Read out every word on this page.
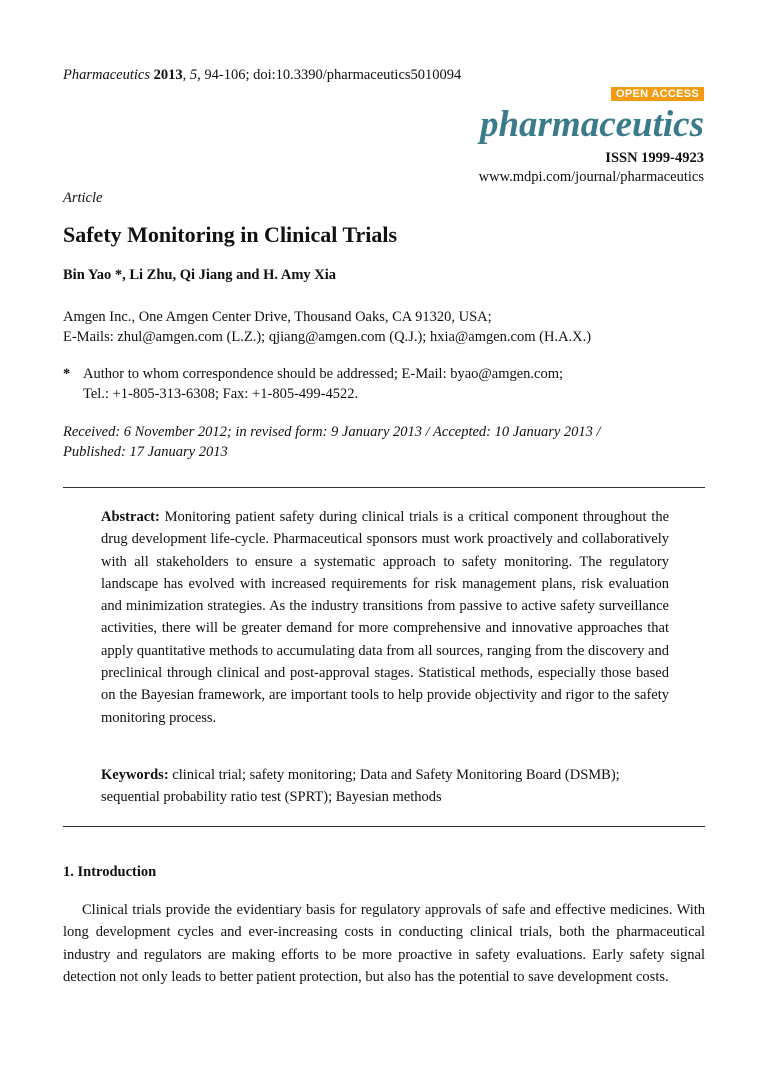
Pharmaceutics 2013, 5, 94-106; doi:10.3390/pharmaceutics5010094
OPEN ACCESS
pharmaceutics
ISSN 1999-4923
www.mdpi.com/journal/pharmaceutics
Article
Safety Monitoring in Clinical Trials
Bin Yao *, Li Zhu, Qi Jiang and H. Amy Xia
Amgen Inc., One Amgen Center Drive, Thousand Oaks, CA 91320, USA;
E-Mails: zhul@amgen.com (L.Z.); qjiang@amgen.com (Q.J.); hxia@amgen.com (H.A.X.)
* Author to whom correspondence should be addressed; E-Mail: byao@amgen.com;
Tel.: +1-805-313-6308; Fax: +1-805-499-4522.
Received: 6 November 2012; in revised form: 9 January 2013 / Accepted: 10 January 2013 /
Published: 17 January 2013
Abstract: Monitoring patient safety during clinical trials is a critical component throughout the drug development life-cycle. Pharmaceutical sponsors must work proactively and collaboratively with all stakeholders to ensure a systematic approach to safety monitoring. The regulatory landscape has evolved with increased requirements for risk management plans, risk evaluation and minimization strategies. As the industry transitions from passive to active safety surveillance activities, there will be greater demand for more comprehensive and innovative approaches that apply quantitative methods to accumulating data from all sources, ranging from the discovery and preclinical through clinical and post-approval stages. Statistical methods, especially those based on the Bayesian framework, are important tools to help provide objectivity and rigor to the safety monitoring process.
Keywords: clinical trial; safety monitoring; Data and Safety Monitoring Board (DSMB); sequential probability ratio test (SPRT); Bayesian methods
1. Introduction
Clinical trials provide the evidentiary basis for regulatory approvals of safe and effective medicines. With long development cycles and ever-increasing costs in conducting clinical trials, both the pharmaceutical industry and regulators are making efforts to be more proactive in safety evaluations. Early safety signal detection not only leads to better patient protection, but also has the potential to save development costs.
